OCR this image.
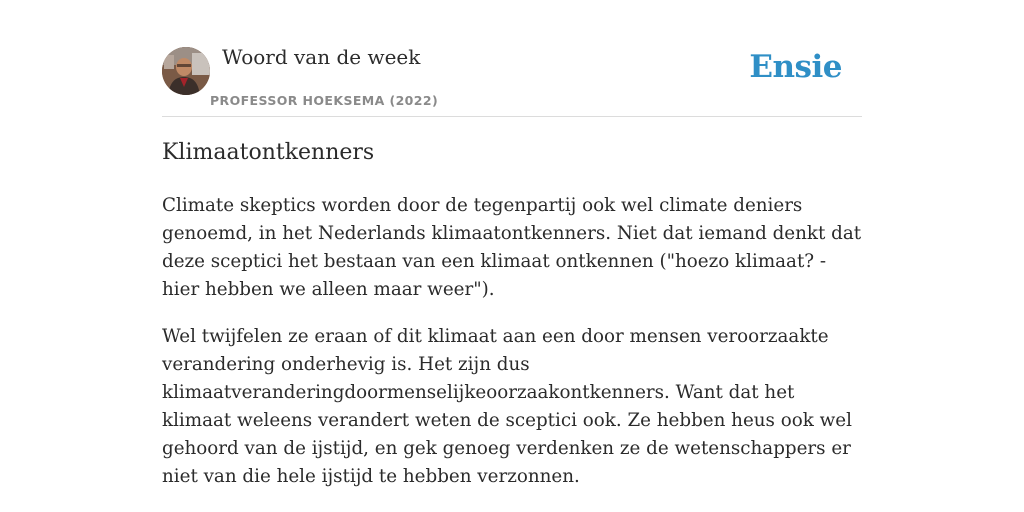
Woord van de week
PROFESSOR HOEKSEMA (2022)
Ensie
Klimaatontkenners

Climate skeptics worden door de tegenpartij ook wel climate deniers genoemd, in het Nederlands klimaatontkenners. Niet dat iemand denkt dat deze sceptici het bestaan van een klimaat ontkennen ("hoezo klimaat? - hier hebben we alleen maar weer").

Wel twijfelen ze eraan of dit klimaat aan een door mensen veroorzaakte verandering onderhevig is. Het zijn dus klimaatveranderingdoormenselijkeoorzaakontkenners. Want dat het klimaat weleens verandert weten de sceptici ook. Ze hebben heus ook wel gehoord van de ijstijd, en gek genoeg verdenken ze de wetenschappers er niet van die hele ijstijd te hebben verzonnen.
